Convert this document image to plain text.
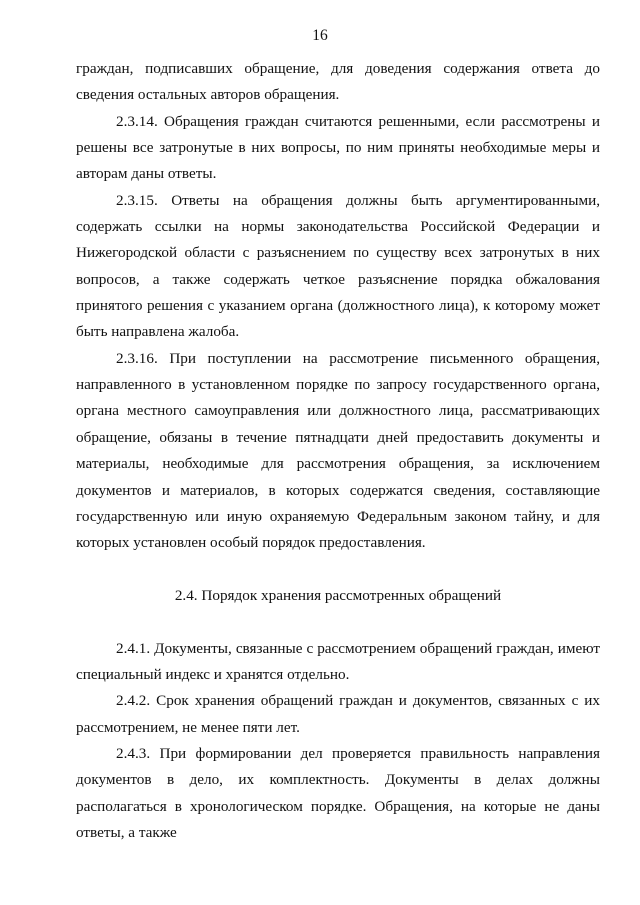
16

граждан, подписавших обращение, для доведения содержания ответа до сведения остальных авторов обращения.

2.3.14. Обращения граждан считаются решенными, если рассмотрены и решены все затронутые в них вопросы, по ним приняты необходимые меры и авторам даны ответы.

2.3.15. Ответы на обращения должны быть аргументированными, содержать ссылки на нормы законодательства Российской Федерации и Нижегородской области с разъяснением по существу всех затронутых в них вопросов, а также содержать четкое разъяснение порядка обжалования принятого решения с указанием органа (должностного лица), к которому может быть направлена жалоба.

2.3.16. При поступлении на рассмотрение письменного обращения, направленного в установленном порядке по запросу государственного органа, органа местного самоуправления или должностного лица, рассматривающих обращение, обязаны в течение пятнадцати дней предоставить документы и материалы, необходимые для рассмотрения обращения, за исключением документов и материалов, в которых содержатся сведения, составляющие государственную или иную охраняемую Федеральным законом тайну, и для которых установлен особый порядок предоставления.

2.4. Порядок хранения рассмотренных обращений

2.4.1. Документы, связанные с рассмотрением обращений граждан, имеют специальный индекс и хранятся отдельно.

2.4.2. Срок хранения обращений граждан и документов, связанных с их рассмотрением, не менее пяти лет.

2.4.3. При формировании дел проверяется правильность направления документов в дело, их комплектность. Документы в делах должны располагаться в хронологическом порядке. Обращения, на которые не даны ответы, а также
